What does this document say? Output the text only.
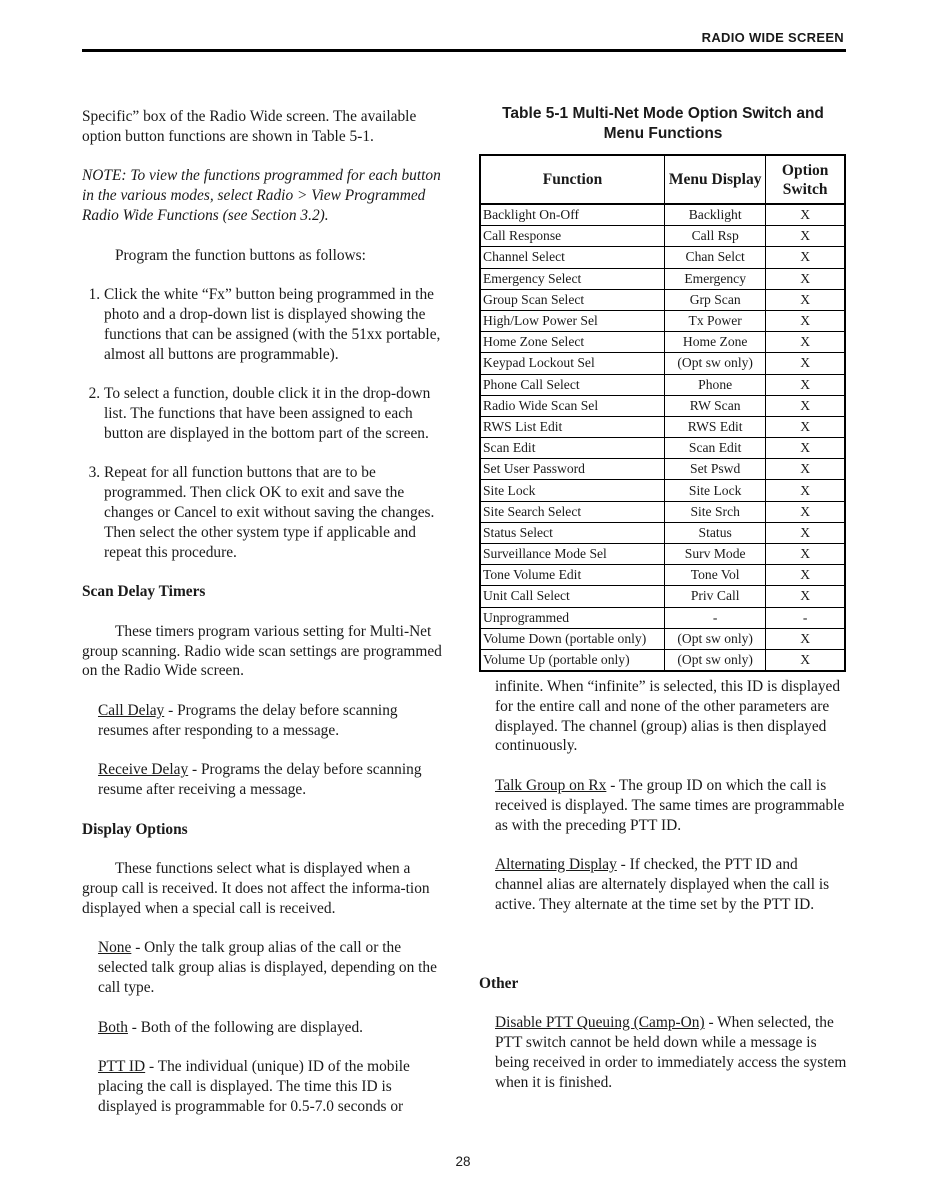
RADIO WIDE SCREEN

Specific” box of the Radio Wide screen. The available option button functions are shown in Table 5-1.

NOTE: To view the functions programmed for each button in the various modes, select Radio > View Programmed Radio Wide Functions (see Section 3.2).

Program the function buttons as follows:

1. Click the white “Fx” button being programmed in the photo and a drop-down list is displayed showing the functions that can be assigned (with the 51xx portable, almost all buttons are programmable).
2. To select a function, double click it in the drop-down list. The functions that have been assigned to each button are displayed in the bottom part of the screen.
3. Repeat for all function buttons that are to be programmed. Then click OK to exit and save the changes or Cancel to exit without saving the changes. Then select the other system type if applicable and repeat this procedure.

Scan Delay Timers

These timers program various setting for Multi-Net group scanning. Radio wide scan settings are programmed on the Radio Wide screen.

Call Delay - Programs the delay before scanning resumes after responding to a message.

Receive Delay - Programs the delay before scanning resume after receiving a message.

Display Options

These functions select what is displayed when a group call is received. It does not affect the informa-tion displayed when a special call is received.

None - Only the talk group alias of the call or the selected talk group alias is displayed, depending on the call type.

Both - Both of the following are displayed.

PTT ID - The individual (unique) ID of the mobile placing the call is displayed. The time this ID is displayed is programmable for 0.5-7.0 seconds or

Table 5-1 Multi-Net Mode Option Switch and
Menu Functions
Function	Menu Display	Option Switch
Backlight On-Off	Backlight	X
Call Response	Call Rsp	X
Channel Select	Chan Selct	X
Emergency Select	Emergency	X
Group Scan Select	Grp Scan	X
High/Low Power Sel	Tx Power	X
Home Zone Select	Home Zone	X
Keypad Lockout Sel	(Opt sw only)	X
Phone Call Select	Phone	X
Radio Wide Scan Sel	RW Scan	X
RWS List Edit	RWS Edit	X
Scan Edit	Scan Edit	X
Set User Password	Set Pswd	X
Site Lock	Site Lock	X
Site Search Select	Site Srch	X
Status Select	Status	X
Surveillance Mode Sel	Surv Mode	X
Tone Volume Edit	Tone Vol	X
Unit Call Select	Priv Call	X
Unprogrammed	-	-
Volume Down (portable only)	(Opt sw only)	X
Volume Up (portable only)	(Opt sw only)	X

infinite. When “infinite” is selected, this ID is displayed for the entire call and none of the other parameters are displayed. The channel (group) alias is then displayed continuously.

Talk Group on Rx - The group ID on which the call is received is displayed. The same times are programmable as with the preceding PTT ID.

Alternating Display - If checked, the PTT ID and channel alias are alternately displayed when the call is active. They alternate at the time set by the PTT ID.

Other

Disable PTT Queuing (Camp-On) - When selected, the PTT switch cannot be held down while a message is being received in order to immediately access the system when it is finished.

28
